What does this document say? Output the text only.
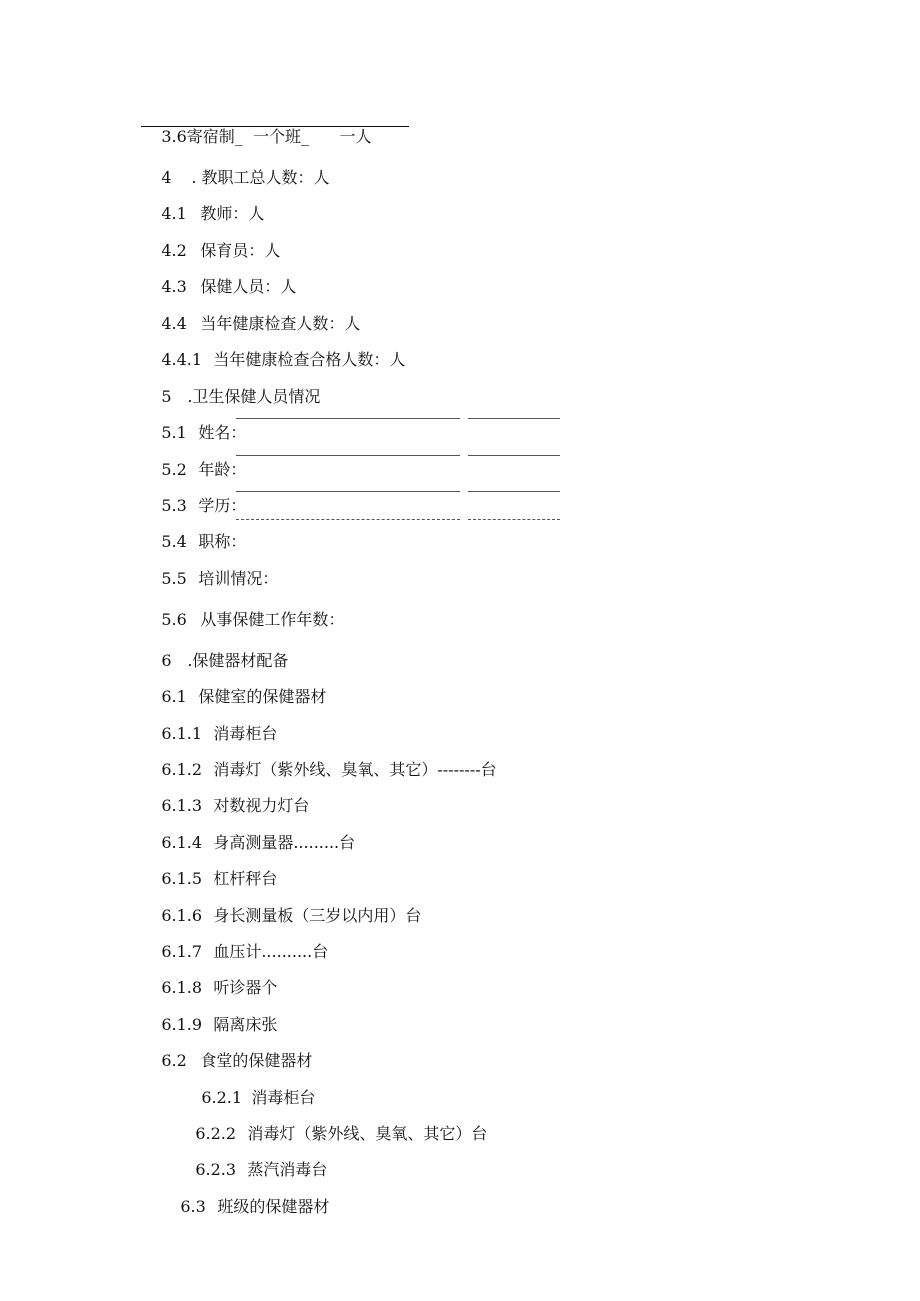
3.6寄宿制_  一个班_      一人

4 . 教职工总人数：人

4.1 教师：人

4.2 保育员：人

4.3 保健人员：人

4.4 当年健康检查人数：人

4.4.1 当年健康检查合格人数：人

5 .卫生保健人员情况

5.1 姓名：

5.2 年龄：

5.3 学历：

5.4 职称：

5.5 培训情况：

5.6 从事保健工作年数：

6 .保健器材配备

6.1 保健室的保健器材

6.1.1 消毒柜台

6.1.2 消毒灯（紫外线、臭氧、其它）--------台

6.1.3 对数视力灯台

6.1.4 身高测量器.........台

6.1.5 杠杆秤台

6.1.6 身长测量板（三岁以内用）台

6.1.7 血压计..........台

6.1.8 听诊器个

6.1.9 隔离床张

6.2 食堂的保健器材

6.2.1 消毒柜台

6.2.2 消毒灯（紫外线、臭氧、其它）台

6.2.3 蒸汽消毒台

6.3 班级的保健器材
